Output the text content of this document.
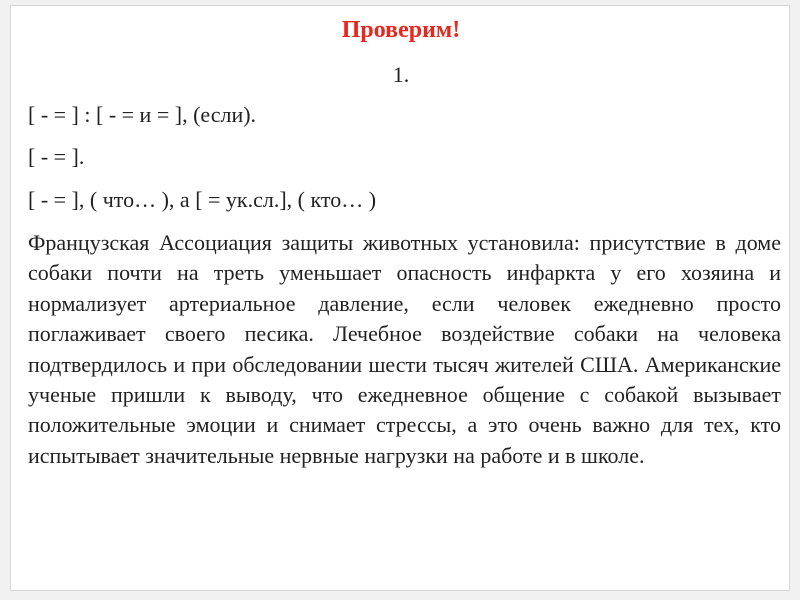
Проверим!
1.
[ - = ] : [ - = и = ], (если).
[ - = ].
[ - = ], ( что… ), а [ = ук.сл.], ( кто… )

Французская Ассоциация защиты животных установила: присутствие в доме собаки почти на треть уменьшает опасность инфаркта у его хозяина и нормализует артериальное давление, если человек ежедневно просто поглаживает своего песика. Лечебное воздействие собаки на человека подтвердилось и при обследовании шести тысяч жителей США. Американские ученые пришли к выводу, что ежедневное общение с собакой вызывает положительные эмоции и снимает стрессы, а это очень важно для тех, кто испытывает значительные нервные нагрузки на работе и в школе.
